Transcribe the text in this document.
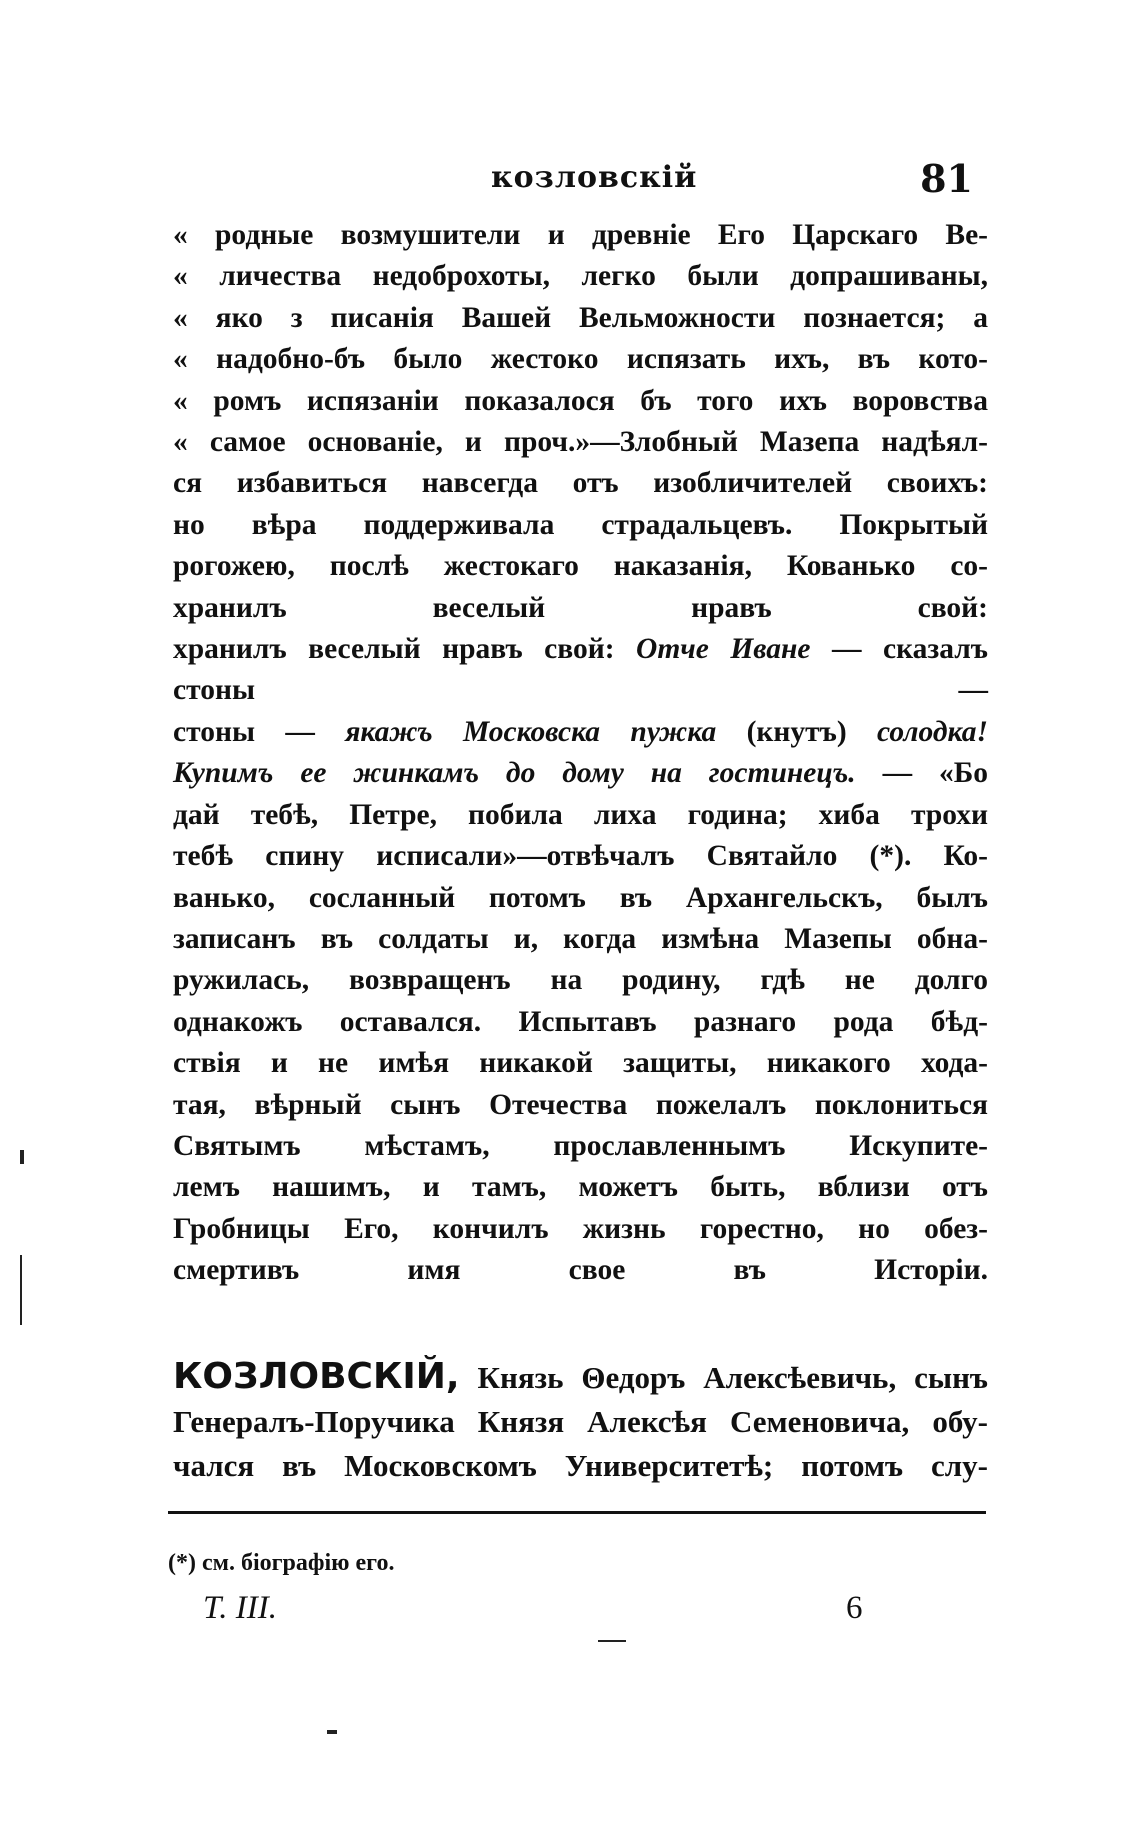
козловскій	81
« родные возмушители и древніе Его Царскаго Ве-
« личества недоброхоты, легко были допрашиваны,
« яко з писанія Вашей Вельможности познается; а
« надобно-бъ было жестоко испязать ихъ, въ кото-
« ромъ испязаніи показалося бъ того ихъ воровства
« самое основаніе, и проч.»—Злобный Мазепа надѣял-
ся избавиться навсегда отъ изобличителей своихъ:
но вѣра поддерживала страдальцевъ. Покрытый
рогожею, послѣ жестокаго наказанія, Кованько со-
хранилъ веселый нравъ свой:
хранилъ веселый нравъ свой: Отче Иване — сказалъ
стоны —
стоны — якажъ Московска пужка (кнутъ) солодка!
Купимъ ее жинкамъ до дому на гостинецъ. — «Бо
дай тебѣ, Петре, побила лиха година; хиба трохи
тебѣ спину исписали»—отвѣчалъ Святайло (*). Ко-
ванько, сосланный потомъ въ Архангельскъ, былъ
записанъ въ солдаты и, когда измѣна Мазепы обна-
ружилась, возвращенъ на родину, гдѣ не долго
однакожъ оставался. Испытавъ разнаго рода бѣд-
ствія и не имѣя никакой защиты, никакого хода-
тая, вѣрный сынъ Отечества пожелалъ поклониться
Святымъ мѣстамъ, прославленнымъ Искупите-
лемъ нашимъ, и тамъ, можетъ быть, вблизи отъ
Гробницы Его, кончилъ жизнь горестно, но обез-
смертивъ имя свое въ Исторіи.
КОЗЛОВСКІЙ, Князь Θедоръ Алексѣевичь, сынъ
Генералъ-Поручика Князя Алексѣя Семеновича, обу-
чался въ Московскомъ Университетѣ; потомъ слу-
(*) см. біографію его.
Т. III.	6
